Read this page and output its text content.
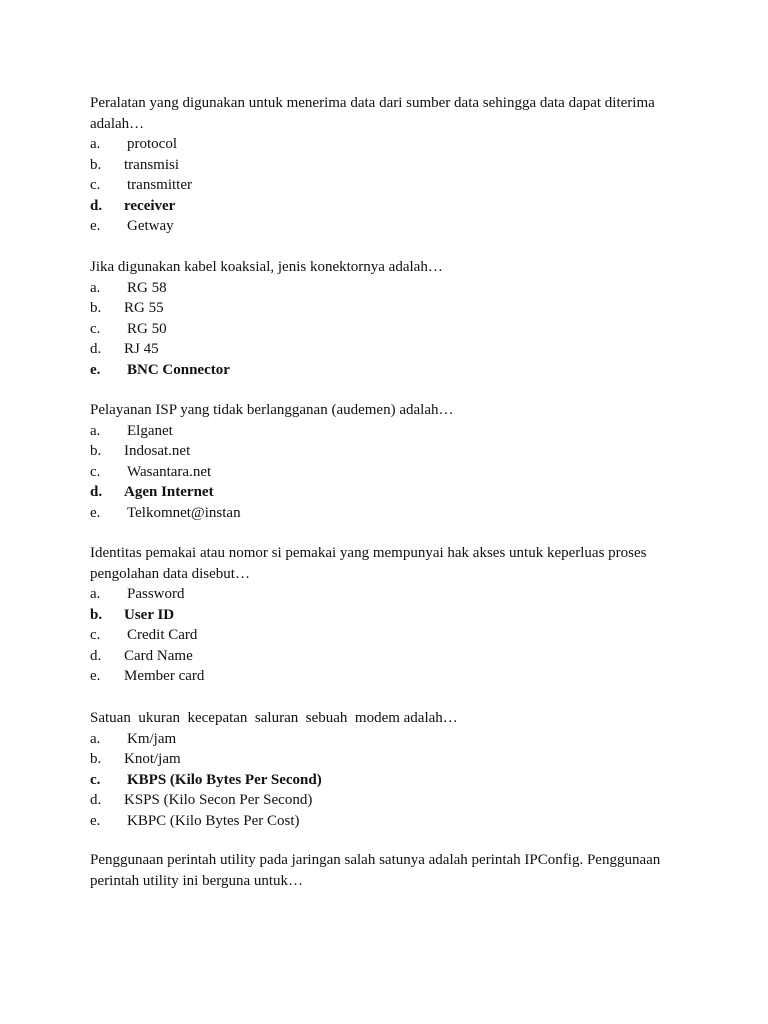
Peralatan yang digunakan untuk menerima data dari sumber data sehingga data dapat diterima adalah…

a. protocol
b. transmisi
c. transmitter
d. receiver
e. Getway

Jika digunakan kabel koaksial, jenis konektornya adalah…

a. RG 58
b. RG 55
c. RG 50
d. RJ 45
e. BNC Connector

Pelayanan ISP yang tidak berlangganan (audemen) adalah…

a. Elganet
b. Indosat.net
c. Wasantara.net
d. Agen Internet
e. Telkomnet@instan

Identitas pemakai atau nomor si pemakai yang mempunyai hak akses untuk keperluas proses pengolahan data disebut…

a. Password
b. User ID
c. Credit Card
d. Card Name
e. Member card

Satuan  ukuran  kecepatan  saluran  sebuah  modem adalah…

a. Km/jam
b. Knot/jam
c. KBPS (Kilo Bytes Per Second)
d. KSPS (Kilo Secon Per Second)
e. KBPC (Kilo Bytes Per Cost)

Penggunaan perintah utility pada jaringan salah satunya adalah perintah IPConfig. Penggunaan perintah utility ini berguna untuk…
